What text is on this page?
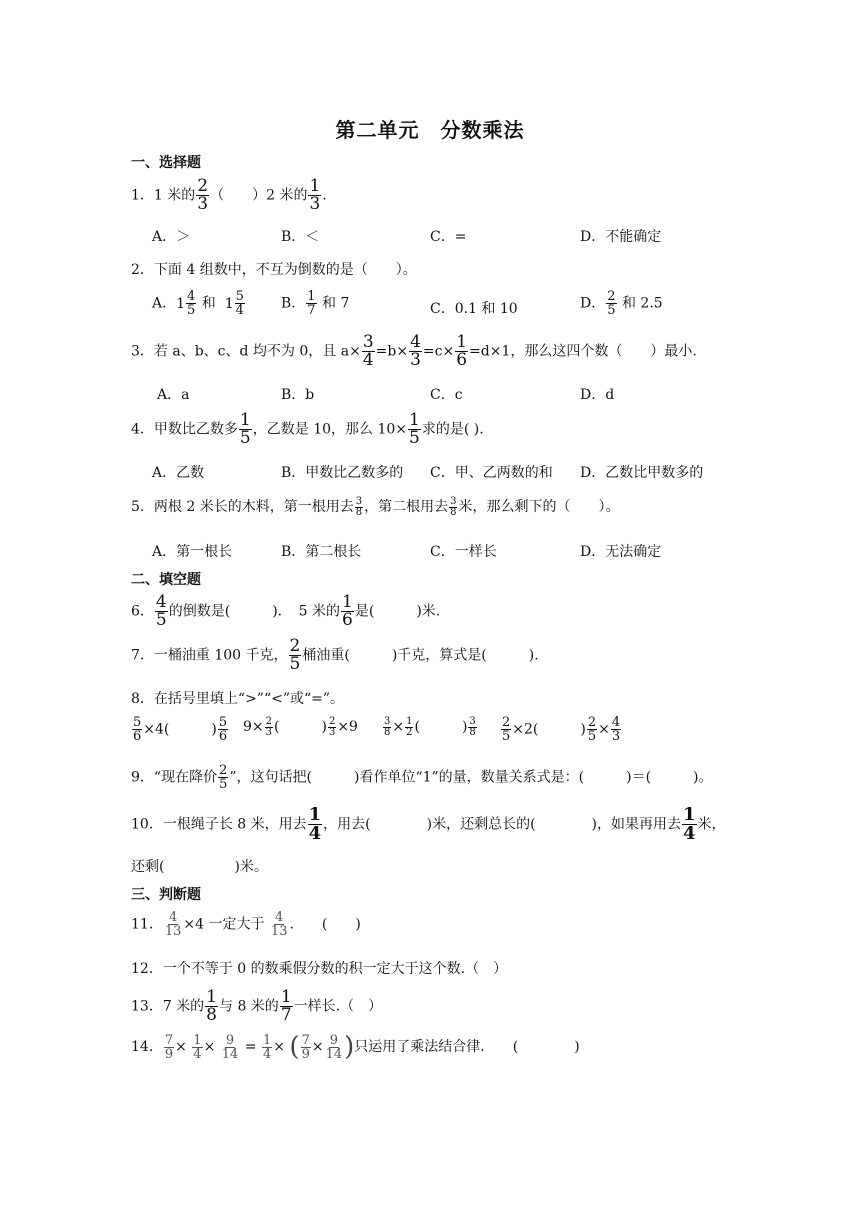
第二单元　分数乘法
一、选择题
1．1 米的 $\frac{2}{3}$ （　　）2 米的 $\frac{1}{3}$ .
A．＞	B．＜	C．=	D．不能确定
2．下面 4 组数中，不互为倒数的是（　　）。
A． $1 \frac{4}{5}$ 和 $1 \frac{5}{4}$	B． $\frac{1}{7}$ 和 7	C．0.1 和 10	D． $\frac{2}{5}$ 和 2.5
3．若 a、b、c、d 均不为 0，且 $a\times \frac{3}{4} =b\times \frac{4}{3} =c\times \frac{1}{6} =d\times 1$，那么这四个数（　　）最小.
A．a	B．b	C．c	D．d
4．甲数比乙数多 $\frac{1}{5}$ ，乙数是 10，那么 $10\times \frac{1}{5}$ 求的是( ).
A．乙数	B．甲数比乙数多的 C．甲、乙两数的和 D．乙数比甲数多的
5．两根 2 米长的木料，第一根用去 $\frac{3}{8}$ ，第二根用去 $\frac{3}{8}$ 米，那么剩下的（　　）。
A．第一根长	B．第二根长	C．一样长	D．无法确定
二、填空题
6． $\frac{4}{5}$ 的倒数是(　　　)．　5 米的 $\frac{1}{6}$ 是(　　　)米.
7．一桶油重 100 千克， $\frac{2}{5}$ 桶油重(　　　)千克，算式是(　　　).
8．在括号里填上“>”“<”或“=”。
$\frac{5}{6} \times 4$(　　　) $\frac{5}{6} 9\times \frac{2}{3}$ (　　　) $\frac{2}{3} \times 9$	$\frac{3}{8} \times \frac{1}{2}$ (　　　) $\frac{3}{8} \frac{2}{5} \times 2$(　　　) $\frac{2}{5} \times \frac{4}{3}$
9．“现在降价 $\frac{2}{5}$ ”，这句话把(　　　)看作单位“1”的量，数量关系式是：(　　　)＝(　　　)。
10．一根绳子长 8 米，用去 $\frac{1}{4}$ ，用去(　　　　)米，还剩总长的(　　　　)，如果再用去 $\frac{1}{4}$ 米，
还剩(　　　　　)米。
三、判断题
11． $\frac{4}{13} \times 4$ 一定大于 $\frac{4}{13}$ .　　(　　)
12．一个不等于 0 的数乘假分数的积一定大于这个数.（　）
13．7 米的 $\frac{1}{8}$ 与 8 米的 $\frac{1}{7}$ 一样长.（　）
14． $\frac{7}{9} \times \frac{1}{4} \times \frac{9}{14} = \frac{1}{4}$ × ( $\frac{7}{9} \times \frac{9}{14}$ )只运用了乘法结合律.　　(　　　　)
